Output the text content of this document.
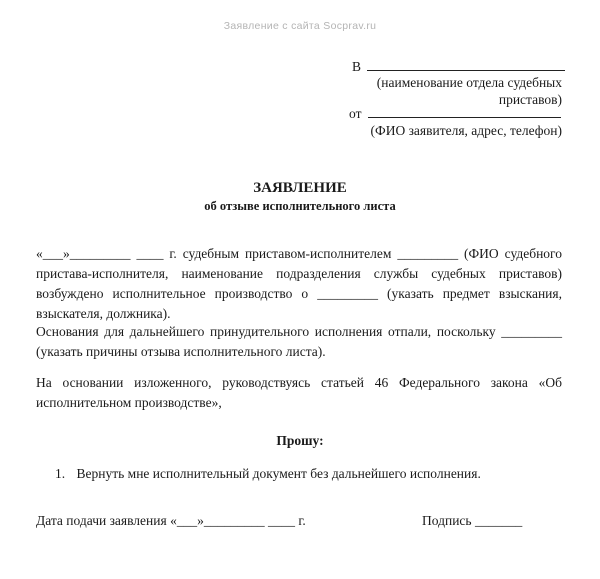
Заявление с сайта Socprav.ru
В
(наименование отдела судебных
приставов)
от
(ФИО заявителя, адрес, телефон)
ЗАЯВЛЕНИЕ
об отзыве исполнительного листа
«___»_________ ____ г. судебным приставом-исполнителем _________ (ФИО судебного пристава-исполнителя, наименование подразделения службы судебных приставов) возбуждено исполнительное производство о _________ (указать предмет взыскания, взыскателя, должника).
Основания для дальнейшего принудительного исполнения отпали, поскольку _________ (указать причины отзыва исполнительного листа).
На основании изложенного, руководствуясь статьей 46 Федерального закона «Об исполнительном производстве»,
Прошу:
1. Вернуть мне исполнительный документ без дальнейшего исполнения.
Дата подачи заявления «___»_________ ____ г.	Подпись _______
